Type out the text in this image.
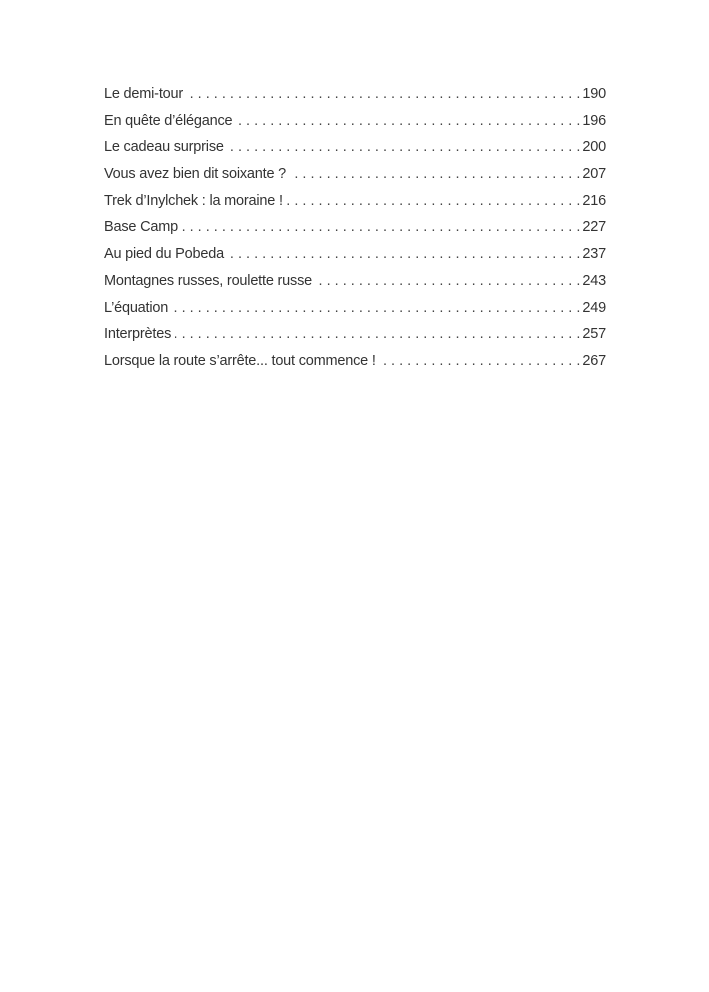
Le demi-tour . . .	190
En quête d’élégance . . .	196
Le cadeau surprise . . .	200
Vous avez bien dit soixante ? . . .	207
Trek d’Inylchek : la moraine ! . . .	216
Base Camp . . .	227
Au pied du Pobeda . . .	237
Montagnes russes, roulette russe . . .	243
L’équation . . .	249
Interprètes . . .	257
Lorsque la route s’arrête... tout commence ! . . .	267
